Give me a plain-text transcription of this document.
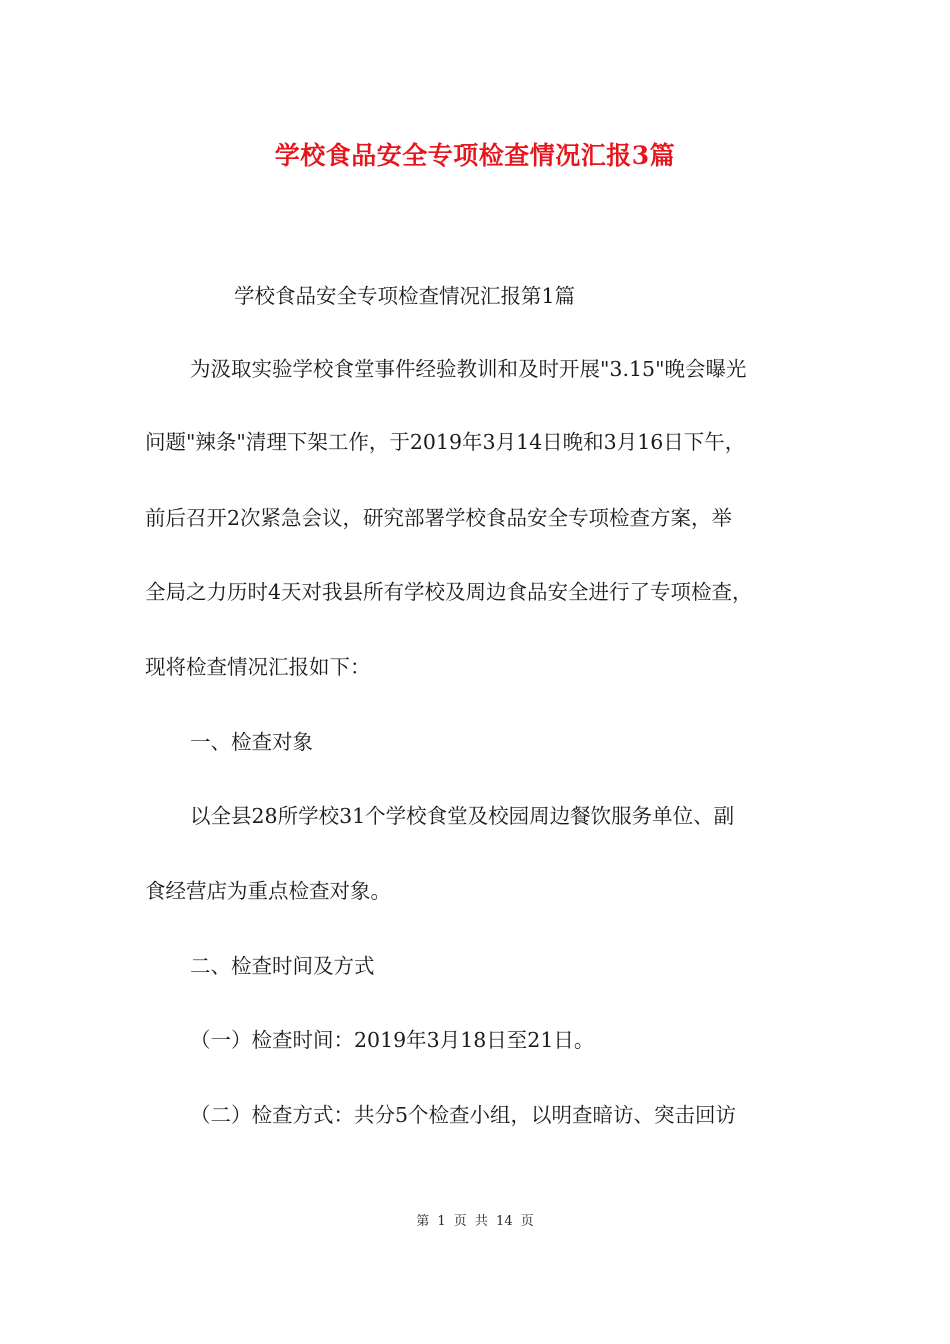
学校食品安全专项检查情况汇报3篇
学校食品安全专项检查情况汇报第1篇
为汲取实验学校食堂事件经验教训和及时开展"3.15"晚会曝光
问题"辣条"清理下架工作，于2019年3月14日晚和3月16日下午，
前后召开2次紧急会议，研究部署学校食品安全专项检查方案，举
全局之力历时4天对我县所有学校及周边食品安全进行了专项检查，
现将检查情况汇报如下：
一、检查对象
以全县28所学校31个学校食堂及校园周边餐饮服务单位、副
食经营店为重点检查对象。
二、检查时间及方式
（一）检查时间：2019年3月18日至21日。
（二）检查方式：共分5个检查小组，以明查暗访、突击回访
第 1 页 共 14 页
